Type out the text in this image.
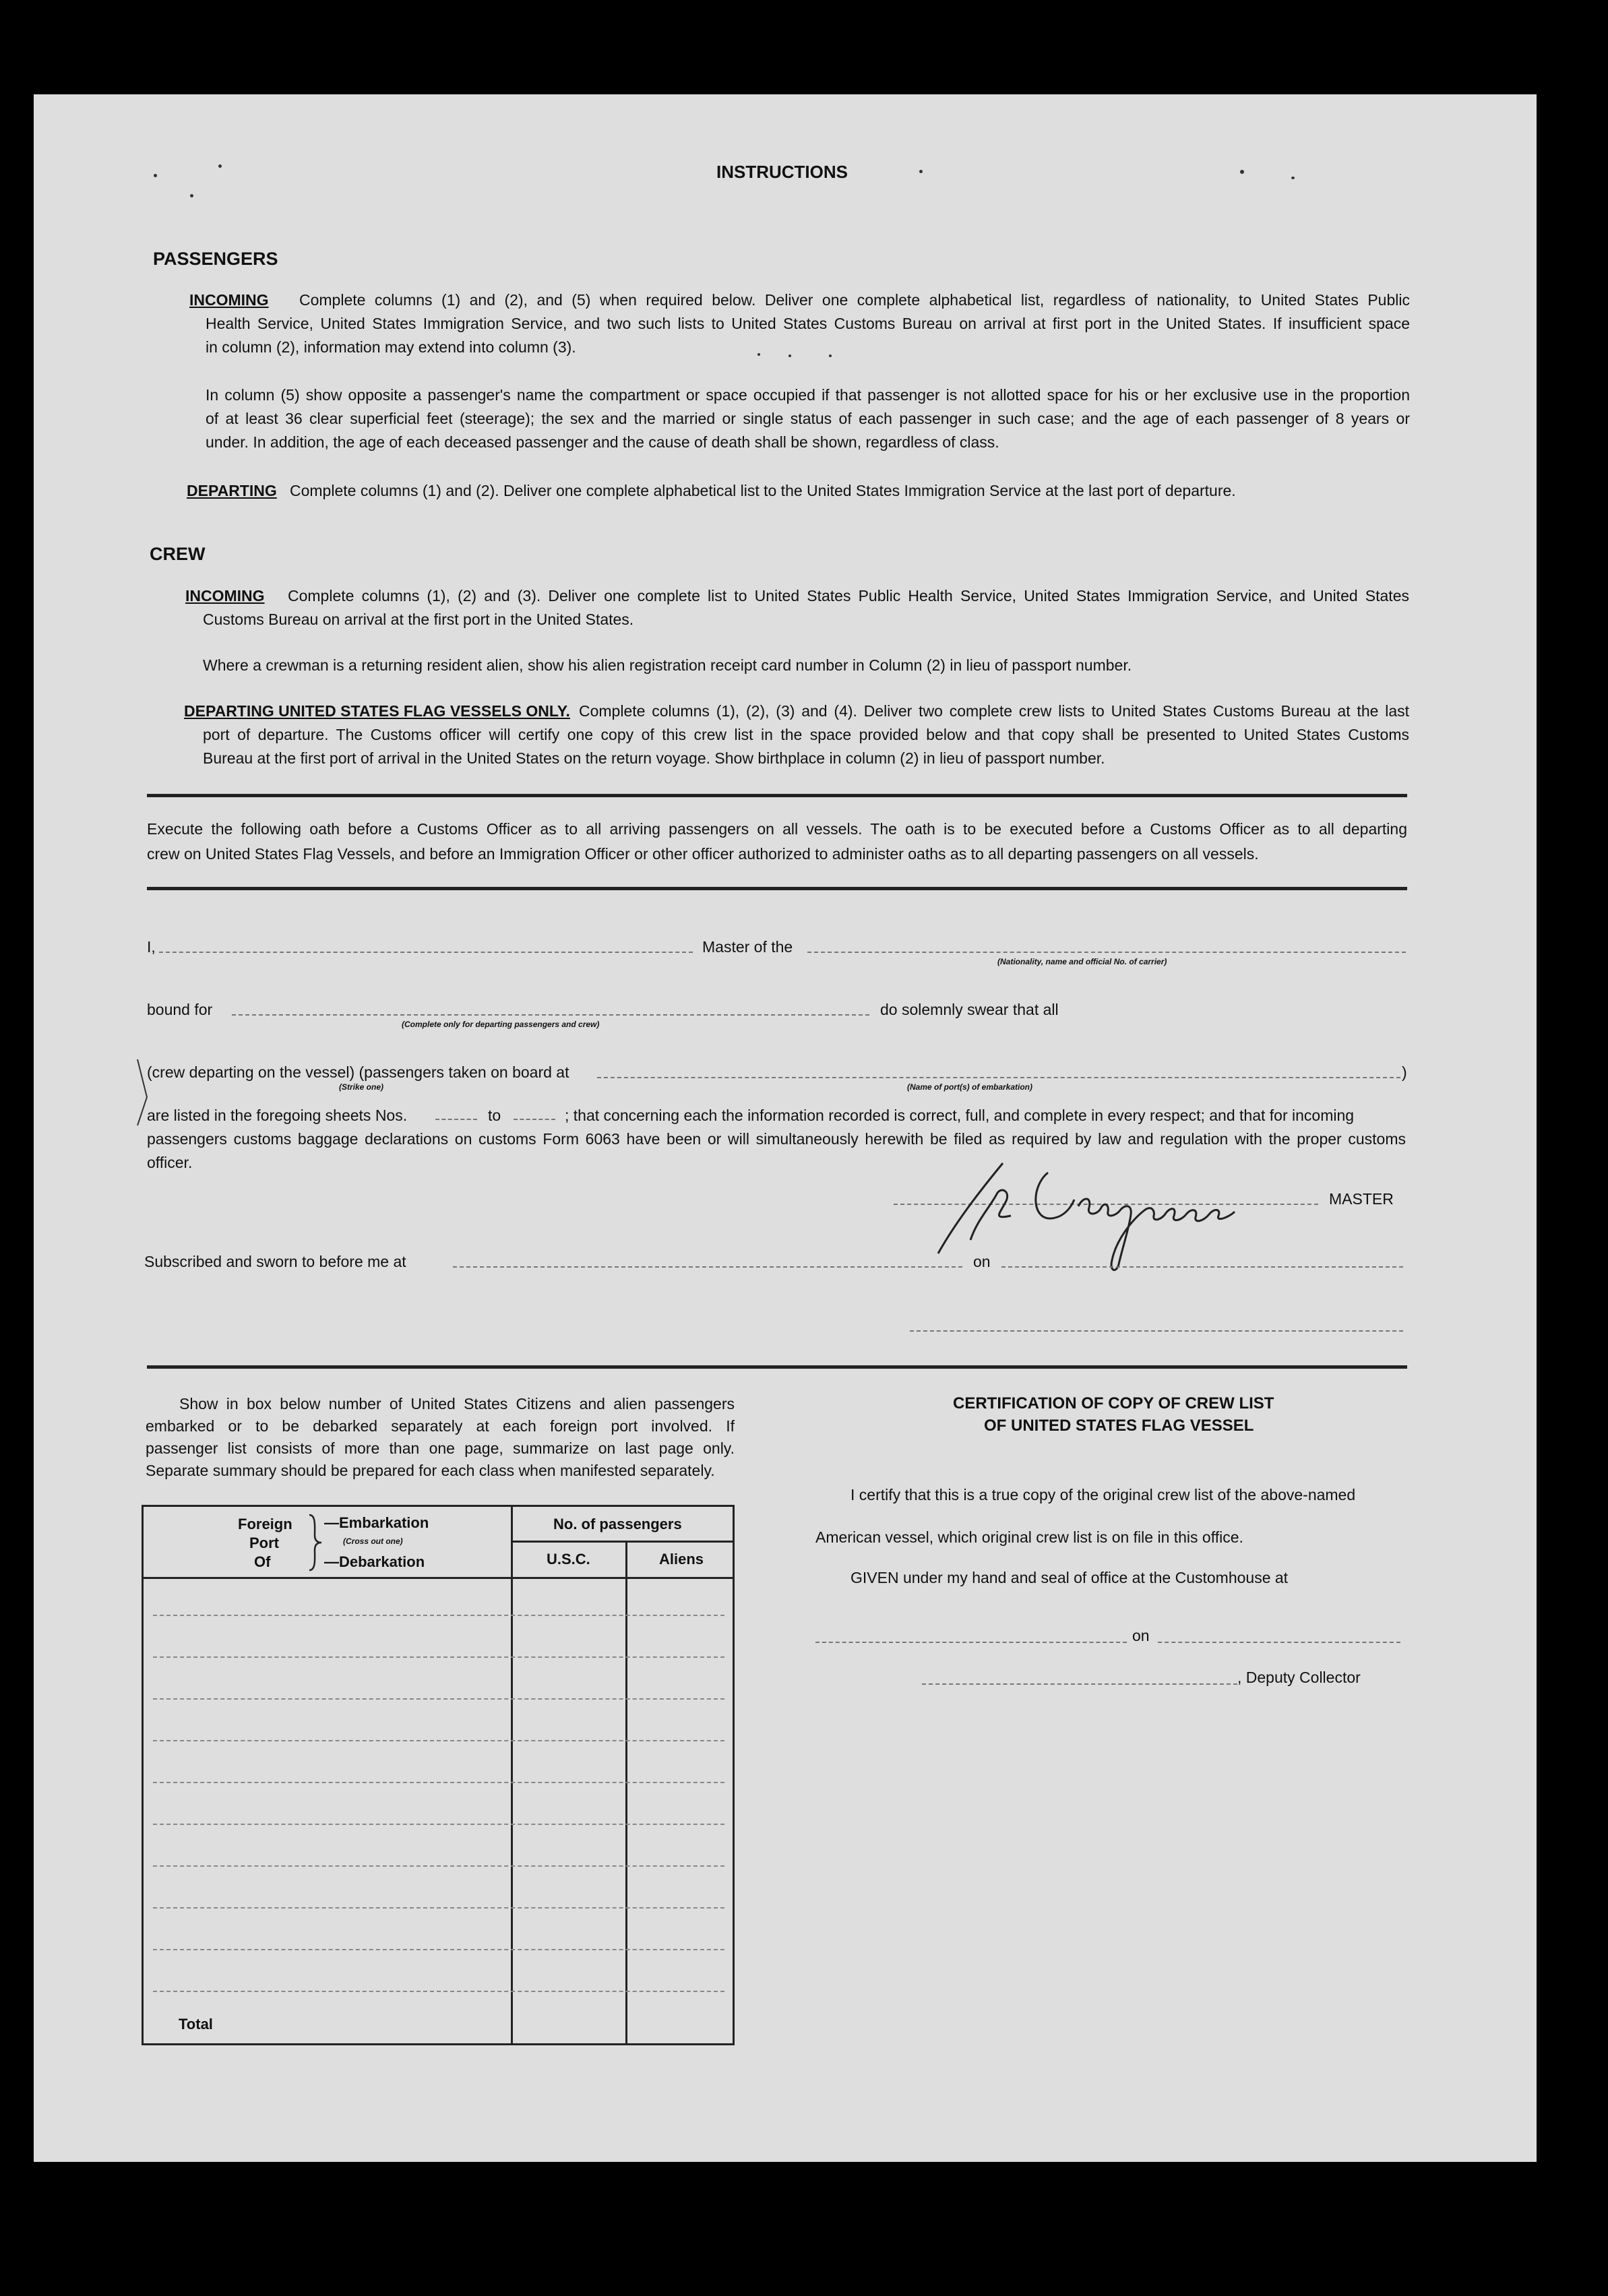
INSTRUCTIONS
PASSENGERS
INCOMING Complete columns (1) and (2), and (5) when required below. Deliver one complete alphabetical list, regardless of nationality, to United States Public
Health Service, United States Immigration Service, and two such lists to United States Customs Bureau on arrival at first port in the United States. If insufficient space
in column (2), information may extend into column (3).
In column (5) show opposite a passenger's name the compartment or space occupied if that passenger is not allotted space for his or her exclusive use in the proportion
of at least 36 clear superficial feet (steerage); the sex and the married or single status of each passenger in such case; and the age of each passenger of 8 years or
under. In addition, the age of each deceased passenger and the cause of death shall be shown, regardless of class.
DEPARTING Complete columns (1) and (2). Deliver one complete alphabetical list to the United States Immigration Service at the last port of departure.
CREW
INCOMING Complete columns (1), (2) and (3). Deliver one complete list to United States Public Health Service, United States Immigration Service, and United States
Customs Bureau on arrival at the first port in the United States.
Where a crewman is a returning resident alien, show his alien registration receipt card number in Column (2) in lieu of passport number.
DEPARTING UNITED STATES FLAG VESSELS ONLY. Complete columns (1), (2), (3) and (4). Deliver two complete crew lists to United States Customs Bureau at the last
port of departure. The Customs officer will certify one copy of this crew list in the space provided below and that copy shall be presented to United States Customs
Bureau at the first port of arrival in the United States on the return voyage. Show birthplace in column (2) in lieu of passport number.
Execute the following oath before a Customs Officer as to all arriving passengers on all vessels. The oath is to be executed before a Customs Officer as to all departing
crew on United States Flag Vessels, and before an Immigration Officer or other officer authorized to administer oaths as to all departing passengers on all vessels.
I,	Master of the
(Nationality, name and official No. of carrier)
bound for
(Complete only for departing passengers and crew)
do solemnly swear that all
(crew departing on the vessel) (passengers taken on board at	)
(Strike one)	(Name of port(s) of embarkation)
are listed in the foregoing sheets Nos.	to	; that concerning each the information recorded is correct, full, and complete in every respect; and that for incoming
passengers customs baggage declarations on customs Form 6063 have been or will simultaneously herewith be filed as required by law and regulation with the proper customs
officer.
MASTER
Subscribed and sworn to before me at	on
Show in box below number of United States Citizens and alien passengers
embarked or to be debarked separately at each foreign port involved. If
passenger list consists of more than one page, summarize on last page only.
Separate summary should be prepared for each class when manifested separately.
Foreign
Port
Of
—Embarkation
(Cross out one)
—Debarkation
No. of passengers
U.S.C.	Aliens
Total
CERTIFICATION OF COPY OF CREW LIST
OF UNITED STATES FLAG VESSEL
I certify that this is a true copy of the original crew list of the above-named
American vessel, which original crew list is on file in this office.
GIVEN under my hand and seal of office at the Customhouse at
on
, Deputy Collector
